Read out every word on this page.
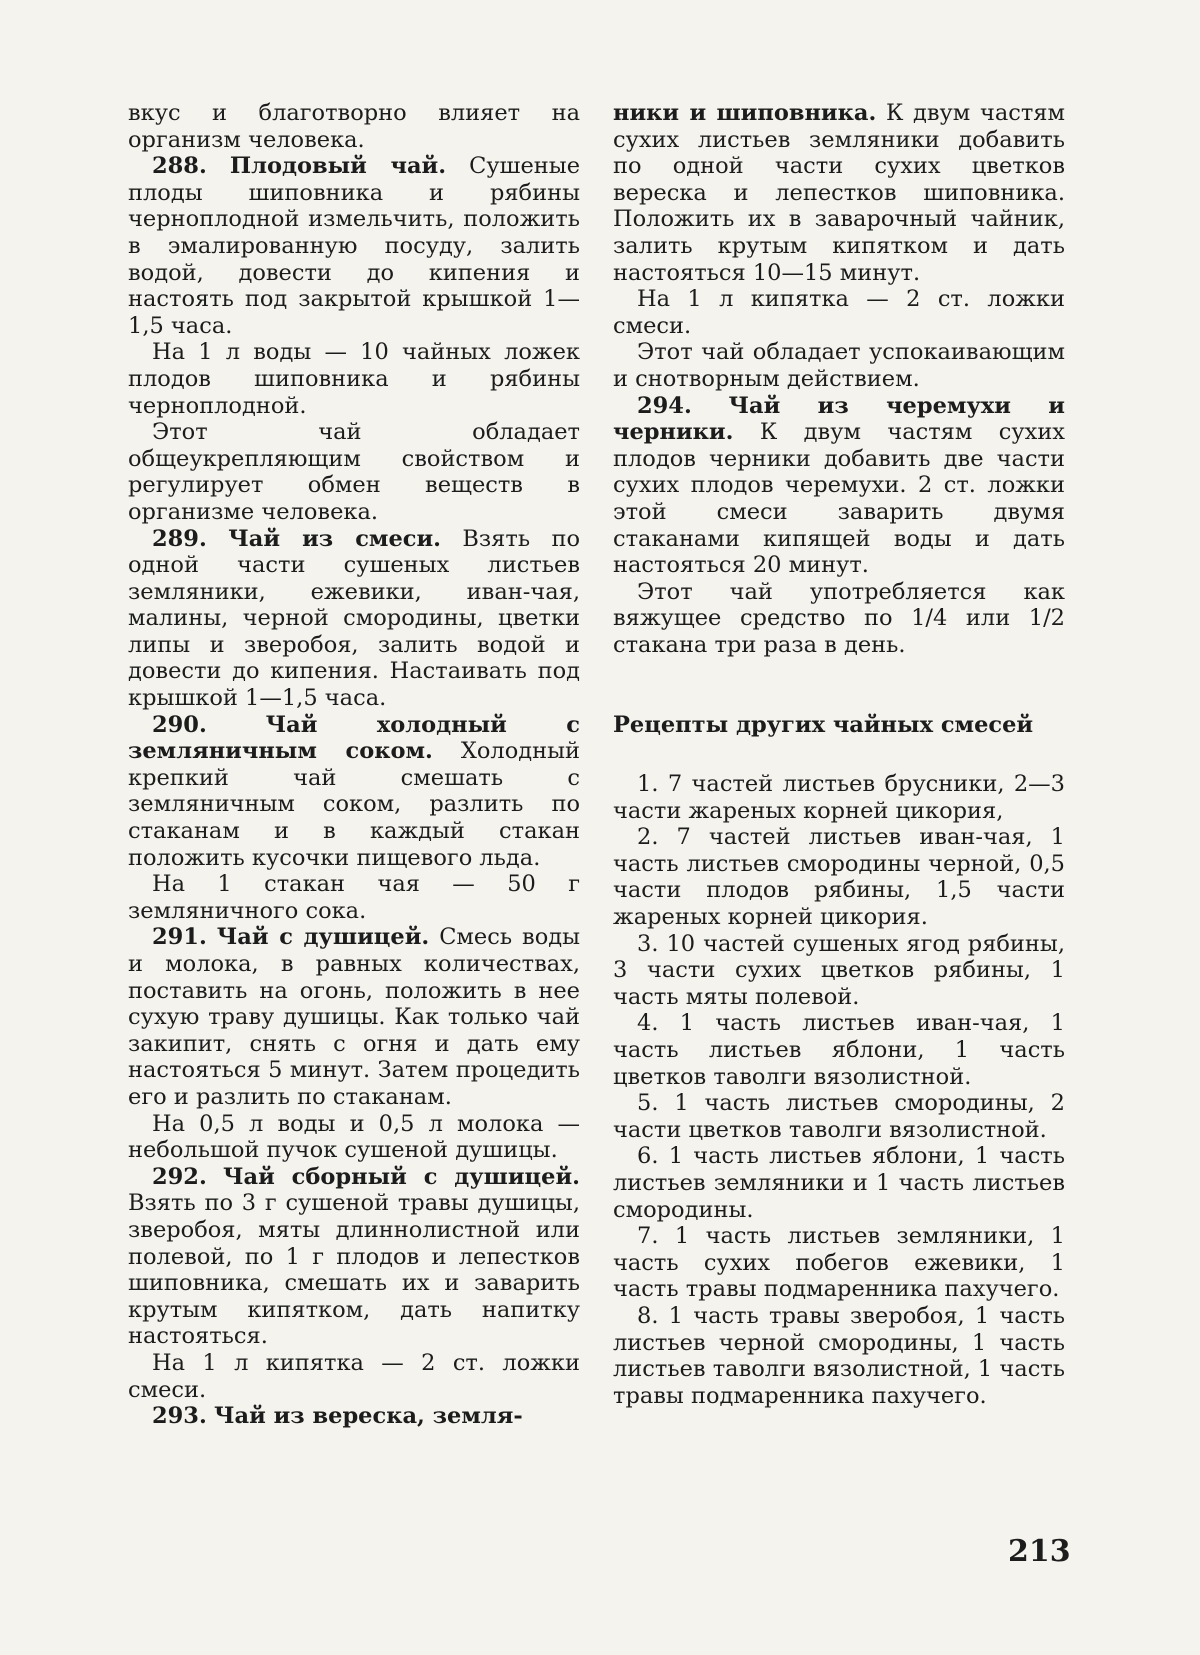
вкус и благотворно влияет на организм человека.

288. Плодовый чай. Сушеные плоды шиповника и рябины черноплодной измельчить, положить в эмалированную посуду, залить водой, довести до кипения и настоять под закрытой крышкой 1—1,5 часа.

На 1 л воды — 10 чайных ложек плодов шиповника и рябины черноплодной.

Этот чай обладает общеукрепляющим свойством и регулирует обмен веществ в организме человека.

289. Чай из смеси. Взять по одной части сушеных листьев земляники, ежевики, иван-чая, малины, черной смородины, цветки липы и зверобоя, залить водой и довести до кипения. Настаивать под крышкой 1—1,5 часа.

290.	Чай холодный с земляничным соком. Холодный крепкий чай смешать с земляничным соком, разлить по стаканам и в каждый стакан положить кусочки пищевого льда.

На 1 стакан чая — 50 г земляничного сока.

291. Чай с душицей. Смесь воды и молока, в равных количествах, поставить на огонь, положить в нее сухую траву душицы. Как только чай закипит, снять с огня и дать ему настояться 5 минут. Затем процедить его и разлить по стаканам.

На 0,5 л воды и 0,5 л молока — небольшой пучок сушеной душицы.

292. Чай сборный с душицей. Взять по 3 г сушеной травы душицы, зверобоя, мяты длиннолистной или полевой, по 1 г плодов и лепестков шиповника, смешать их и заварить крутым кипятком, дать напитку настояться.

На 1 л кипятка — 2 ст. ложки смеси.

293. Чай из вереска, земля-

ники и шиповника. К двум частям сухих листьев земляники добавить по одной части сухих цветков вереска и лепестков шиповника. Положить их в заварочный чайник, залить крутым кипятком и дать настояться 10—15 минут.

На 1 л кипятка — 2 ст. ложки смеси.

Этот чай обладает успокаивающим и снотворным действием.

294. Чай из черемухи и черники. К двум частям сухих плодов черники добавить две части сухих плодов черемухи. 2 ст. ложки этой смеси заварить двумя стаканами кипящей воды и дать настояться 20 минут.

Этот чай употребляется как вяжущее средство по 1/4 или 1/2 стакана три раза в день.

Рецепты других чайных смесей

1. 7 частей листьев брусники, 2—3 части жареных корней цикория,

2. 7 частей листьев иван-чая, 1 часть листьев смородины черной, 0,5 части плодов рябины, 1,5 части жареных корней цикория.

3. 10 частей сушеных ягод рябины, 3 части сухих цветков рябины, 1 часть мяты полевой.

4. 1 часть листьев иван-чая, 1 часть листьев яблони, 1 часть цветков таволги вязолистной.

5. 1 часть листьев смородины, 2 части цветков таволги вязолистной.

6. 1 часть листьев яблони, 1 часть листьев земляники и 1 часть листьев смородины.

7. 1 часть листьев земляники, 1 часть сухих побегов ежевики, 1 часть травы подмаренника пахучего.

8. 1 часть травы зверобоя, 1 часть листьев черной смородины, 1 часть листьев таволги вязолистной, 1 часть травы подмаренника пахучего.

213
